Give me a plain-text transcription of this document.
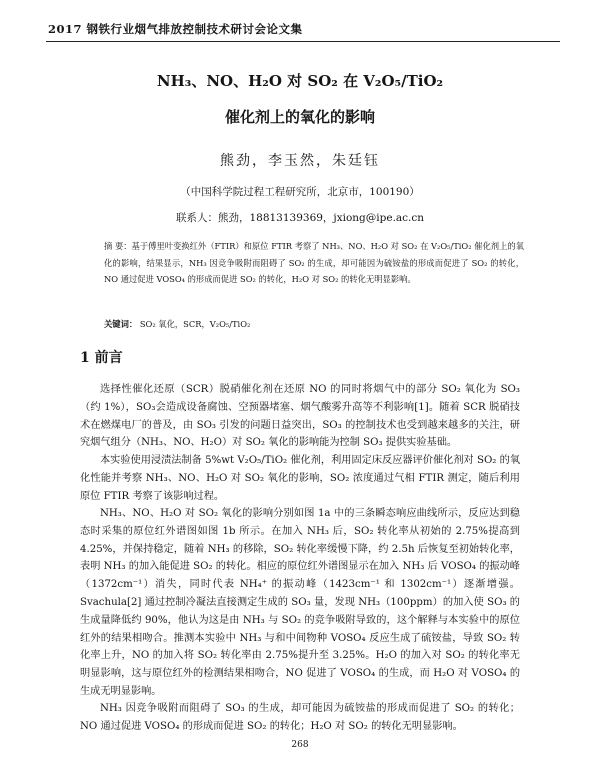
2017 钢铁行业烟气排放控制技术研讨会论文集
NH₃、NO、H₂O 对 SO₂ 在 V₂O₅/TiO₂
催化剂上的氧化的影响
熊劲，李玉然，朱廷钰
（中国科学院过程工程研究所，北京市，100190）
联系人：熊劲，18813139369，jxiong@ipe.ac.cn
摘 要：基于傅里叶变换红外（FTIR）和原位 FTIR 考察了 NH₃、NO、H₂O 对 SO₂ 在 V₂O₅/TiO₂ 催化剂上的氧化的影响，结果显示，NH₃ 因竞争吸附而阻碍了 SO₂ 的生成，却可能因为硫铵盐的形成而促进了 SO₂ 的转化，NO 通过促进 VOSO₄ 的形成而促进 SO₂ 的转化，H₂O 对 SO₂ 的转化无明显影响。
关键词： SO₂ 氧化，SCR，V₂O₅/TiO₂
1 前言
选择性催化还原（SCR）脱硝催化剂在还原 NO 的同时将烟气中的部分 SO₂ 氧化为 SO₃（约 1%），SO₃会造成设备腐蚀、空预器堵塞、烟气酸雾升高等不利影响[1]。随着 SCR 脱硝技术在燃煤电厂的普及，由 SO₃ 引发的问题日益突出，SO₃ 的控制技术也受到越来越多的关注，研究烟气组分（NH₃、NO、H₂O）对 SO₂ 氧化的影响能为控制 SO₃ 提供实验基础。
本实验使用浸渍法制备 5%wt V₂O₅/TiO₂ 催化剂，利用固定床反应器评价催化剂对 SO₂ 的氧化性能并考察 NH₃、NO、H₂O 对 SO₂ 氧化的影响，SO₂ 浓度通过气相 FTIR 测定，随后利用原位 FTIR 考察了该影响过程。
NH₃、NO、H₂O 对 SO₂ 氧化的影响分别如图 1a 中的三条瞬态响应曲线所示，反应达到稳态时采集的原位红外谱图如图 1b 所示。在加入 NH₃ 后，SO₂ 转化率从初始的 2.75%提高到 4.25%，并保持稳定，随着 NH₃ 的移除，SO₂ 转化率缓慢下降，约 2.5h 后恢复至初始转化率，表明 NH₃ 的加入能促进 SO₂ 的转化。相应的原位红外谱图显示在加入 NH₃ 后 VOSO₄ 的振动峰（1372cm⁻¹）消失，同时代表 NH₄⁺ 的振动峰（1423cm⁻¹ 和 1302cm⁻¹）逐渐增强。Svachula[2] 通过控制冷凝法直接测定生成的 SO₃ 量，发现 NH₃（100ppm）的加入使 SO₃ 的生成量降低约 90%，他认为这是由 NH₃ 与 SO₂ 的竞争吸附导致的，这个解释与本实验中的原位红外的结果相吻合。推测本实验中 NH₃ 与和中间物种 VOSO₄ 反应生成了硫铵盐，导致 SO₂ 转化率上升，NO 的加入将 SO₂ 转化率由 2.75%提升至 3.25%。H₂O 的加入对 SO₂ 的转化率无明显影响，这与原位红外的检测结果相吻合，NO 促进了 VOSO₄ 的生成，而 H₂O 对 VOSO₄ 的生成无明显影响。
NH₃ 因竞争吸附而阻碍了 SO₃ 的生成，却可能因为硫铵盐的形成而促进了 SO₂ 的转化；NO 通过促进 VOSO₄ 的形成而促进 SO₂ 的转化；H₂O 对 SO₂ 的转化无明显影响。
268
